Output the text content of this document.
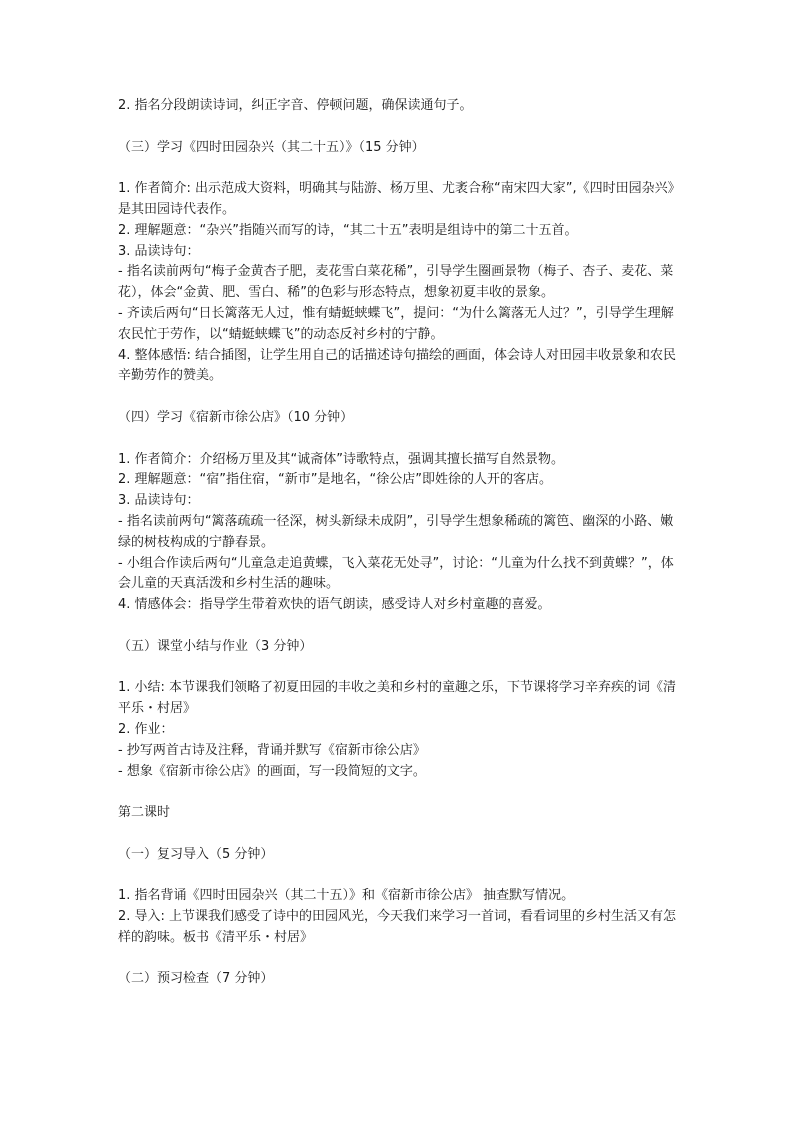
2. 指名分段朗读诗词，纠正字音、停顿问题，确保读通句子。

（三）学习《四时田园杂兴（其二十五）》（15 分钟）

1. 作者简介: 出示范成大资料，明确其与陆游、杨万里、尤袤合称“南宋四大家”,《四时田园杂兴》是其田园诗代表作。

2. 理解题意：“杂兴”指随兴而写的诗，“其二十五”表明是组诗中的第二十五首。

3. 品读诗句：

- 指名读前两句“梅子金黄杏子肥，麦花雪白菜花稀”，引导学生圈画景物（梅子、杏子、麦花、菜花），体会“金黄、肥、雪白、稀”的色彩与形态特点，想象初夏丰收的景象。

- 齐读后两句“日长篱落无人过，惟有蜻蜓蛱蝶飞”，提问：“为什么篱落无人过？”，引导学生理解农民忙于劳作，以“蜻蜓蛱蝶飞”的动态反衬乡村的宁静。

4. 整体感悟: 结合插图，让学生用自己的话描述诗句描绘的画面，体会诗人对田园丰收景象和农民辛勤劳作的赞美。

（四）学习《宿新市徐公店》（10 分钟）

1. 作者简介：介绍杨万里及其“诚斋体”诗歌特点，强调其擅长描写自然景物。

2. 理解题意：“宿”指住宿，“新市”是地名，“徐公店”即姓徐的人开的客店。

3. 品读诗句：

- 指名读前两句“篱落疏疏一径深，树头新绿未成阴”，引导学生想象稀疏的篱笆、幽深的小路、嫩绿的树枝构成的宁静春景。

- 小组合作读后两句“儿童急走追黄蝶，飞入菜花无处寻”，讨论：“儿童为什么找不到黄蝶？”，体会儿童的天真活泼和乡村生活的趣味。

4. 情感体会：指导学生带着欢快的语气朗读，感受诗人对乡村童趣的喜爱。

（五）课堂小结与作业（3 分钟）

1. 小结: 本节课我们领略了初夏田园的丰收之美和乡村的童趣之乐，下节课将学习辛弃疾的词《清平乐・村居》

2. 作业：

- 抄写两首古诗及注释，背诵并默写《宿新市徐公店》

- 想象《宿新市徐公店》的画面，写一段简短的文字。

第二课时

（一）复习导入（5 分钟）

1. 指名背诵《四时田园杂兴（其二十五）》和《宿新市徐公店》 抽查默写情况。

2. 导入: 上节课我们感受了诗中的田园风光，今天我们来学习一首词，看看词里的乡村生活又有怎样的韵味。板书《清平乐・村居》

（二）预习检查（7 分钟）
